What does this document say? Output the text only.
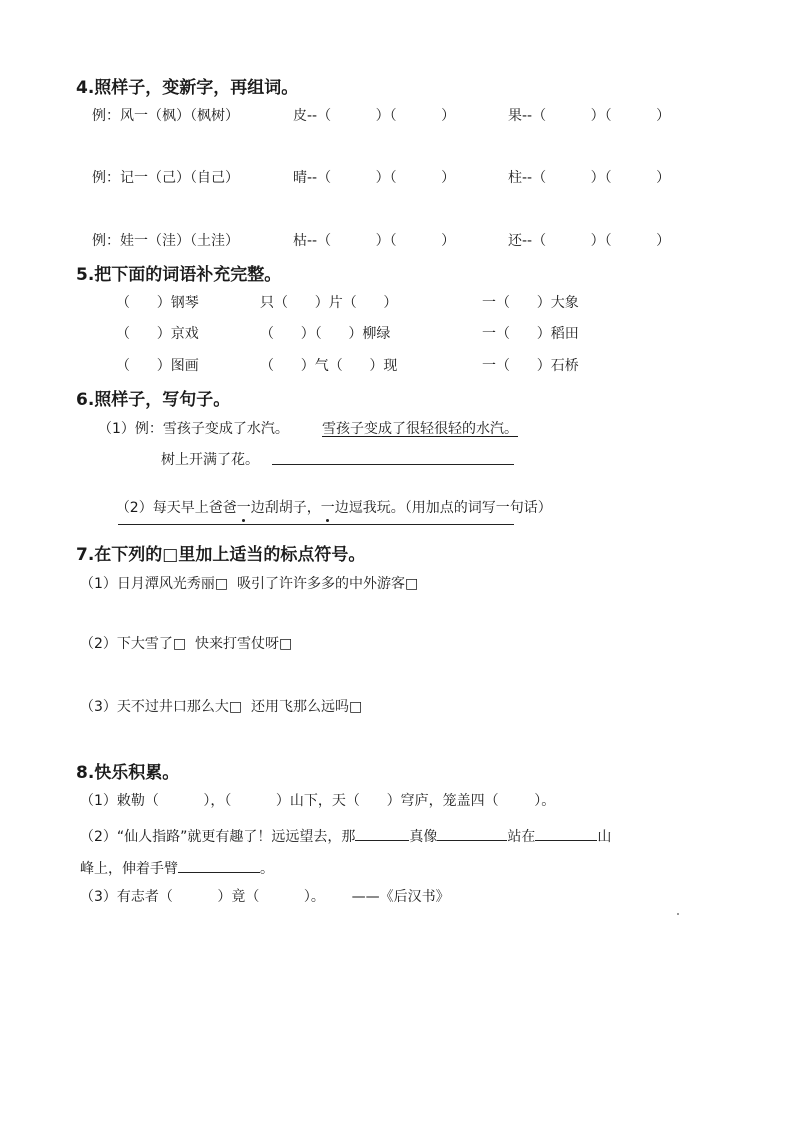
4.照样子，变新字，再组词。
例：风一（枫）（枫树）	皮--（          ）（          ）	果--（          ）（          ）
例：记一（己）（自己）	晴--（          ）（          ）	柱--（          ）（          ）
例：娃一（洼）（土洼）	枯--（          ）（          ）	还--（          ）（          ）
5.把下面的词语补充完整。
（      ）钢琴	只（      ）片（      ）	一（      ）大象
（      ）京戏	（      ）（      ）柳绿	一（      ）稻田
（      ）图画	（      ）气（      ）现	一（      ）石桥
6.照样子，写句子。
（1）例：雪孩子变成了水汽。 雪孩子变成了很轻很轻的水汽。
树上开满了花。

（2）每天早上爸爸一边刮胡子，一边逗我玩。（用加点的词写一句话）

7.在下列的□里加上适当的标点符号。
（1）日月潭风光秀丽□  吸引了许许多多的中外游客□
（2）下大雪了□  快来打雪仗呀□
（3）天不过井口那么大□  还用飞那么远吗□
8.快乐积累。
（1）敕勒（          ），（          ）山下，天（      ）穹庐，笼盖四（        ）。
（2）“仙人指路”就更有趣了！远远望去，那	真像	站在	山
峰上，伸着手臂	。
（3）有志者（          ）竟（          ）。      ——《后汉书》
